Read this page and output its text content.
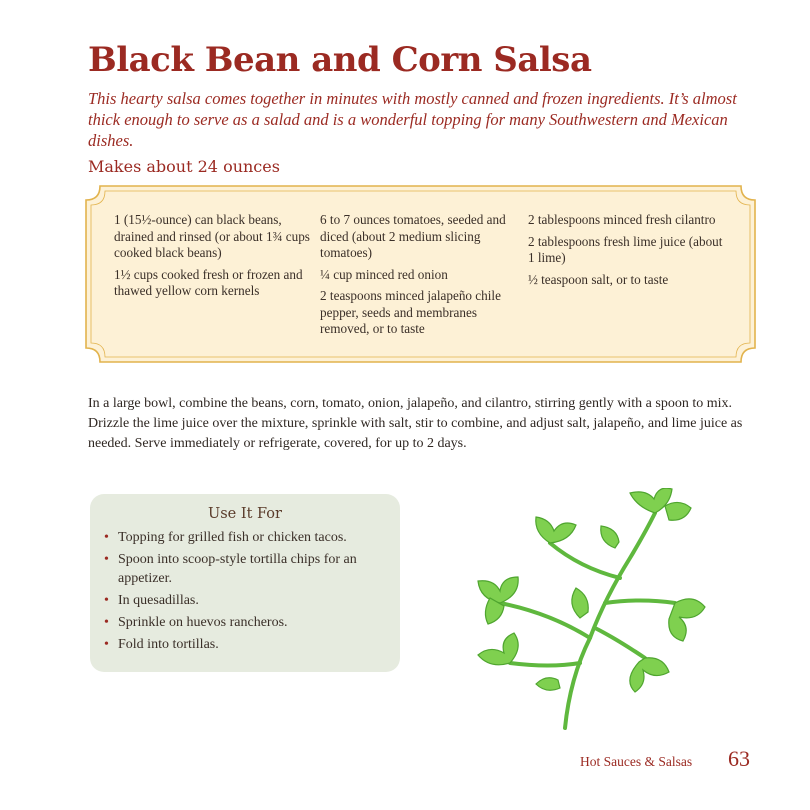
Black Bean and Corn Salsa

This hearty salsa comes together in minutes with mostly canned and frozen ingredients. It’s almost thick enough to serve as a salad and is a wonderful topping for many Southwestern and Mexican dishes.

Makes about 24 ounces

1 (15½-ounce) can black beans, drained and rinsed (or about 1¾ cups cooked black beans)

1½ cups cooked fresh or frozen and thawed yellow corn kernels

6 to 7 ounces tomatoes, seeded and diced (about 2 medium slicing tomatoes)

¼ cup minced red onion

2 teaspoons minced jalapeño chile pepper, seeds and membranes removed, or to taste

2 tablespoons minced fresh cilantro

2 tablespoons fresh lime juice (about 1 lime)

½ teaspoon salt, or to taste

In a large bowl, combine the beans, corn, tomato, onion, jalapeño, and cilantro, stirring gently with a spoon to mix. Drizzle the lime juice over the mixture, sprinkle with salt, stir to combine, and adjust salt, jalapeño, and lime juice as needed. Serve immediately or refrigerate, covered, for up to 2 days.

Use It For

• Topping for grilled fish or chicken tacos.
• Spoon into scoop-style tortilla chips for an appetizer.
• In quesadillas.
• Sprinkle on huevos rancheros.
• Fold into tortillas.
Hot Sauces & Salsas 63
